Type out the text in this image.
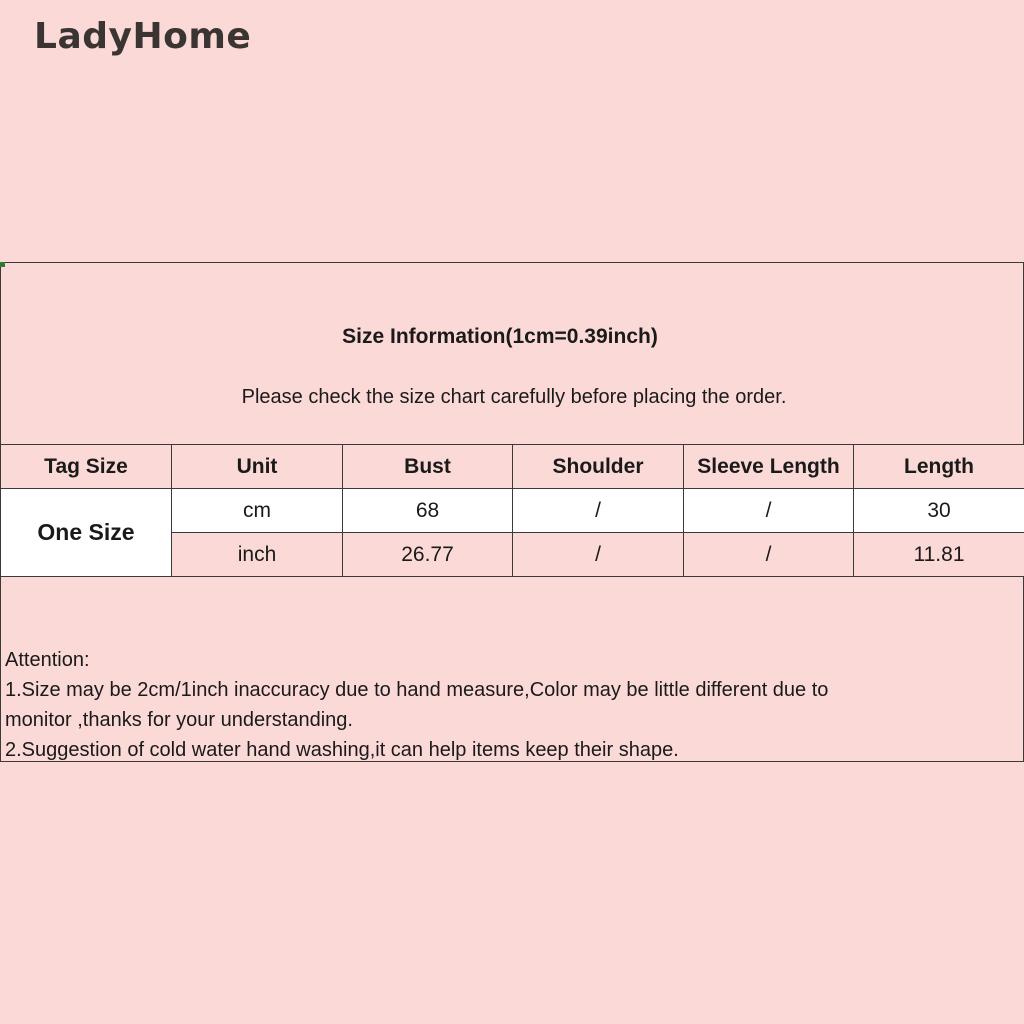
LadyHome
Size Information(1cm=0.39inch)
Please check the size chart carefully before placing the order.
Tag Size	Unit	Bust	Shoulder	Sleeve Length	Length
One Size	cm	68	/	/	30
	inch	26.77	/	/	11.81
Attention:
1.Size may be 2cm/1inch inaccuracy due to hand measure,Color may be little different due to
monitor ,thanks for your understanding.
2.Suggestion of cold water hand washing,it can help items keep their shape.
